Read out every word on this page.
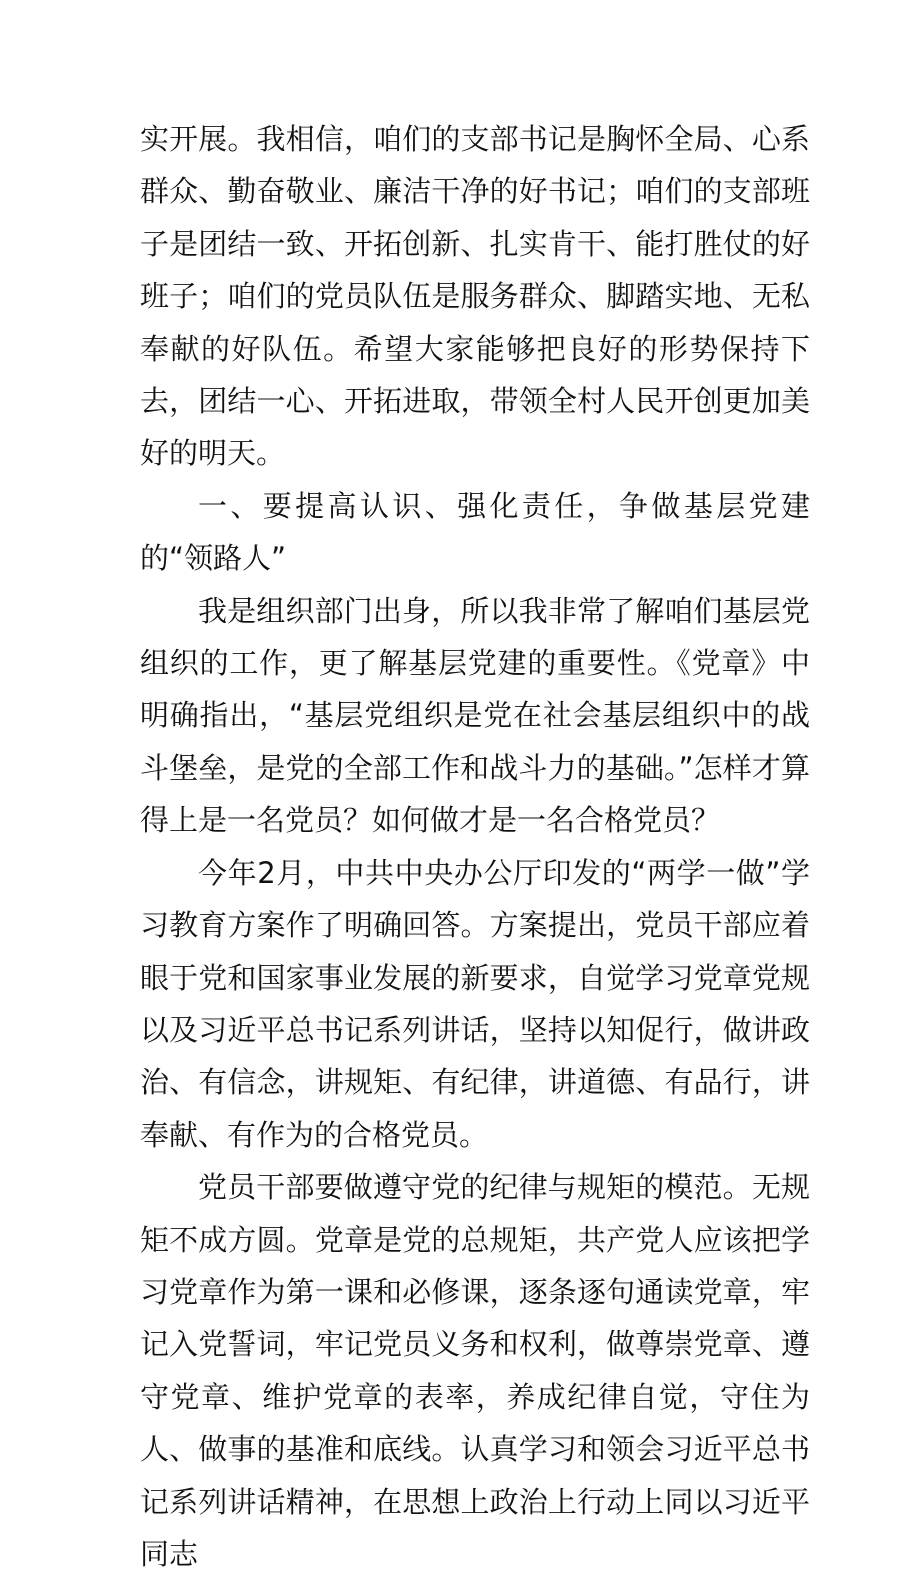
实开展。我相信，咱们的支部书记是胸怀全局、心系群众、勤奋敬业、廉洁干净的好书记；咱们的支部班子是团结一致、开拓创新、扎实肯干、能打胜仗的好班子；咱们的党员队伍是服务群众、脚踏实地、无私奉献的好队伍。希望大家能够把良好的形势保持下去，团结一心、开拓进取，带领全村人民开创更加美好的明天。

一、要提高认识、强化责任，争做基层党建的“领路人”

我是组织部门出身，所以我非常了解咱们基层党组织的工作，更了解基层党建的重要性。《党章》中明确指出，“基层党组织是党在社会基层组织中的战斗堡垒，是党的全部工作和战斗力的基础。”怎样才算得上是一名党员？如何做才是一名合格党员？

今年2月，中共中央办公厅印发的“两学一做”学习教育方案作了明确回答。方案提出，党员干部应着眼于党和国家事业发展的新要求，自觉学习党章党规以及习近平总书记系列讲话，坚持以知促行，做讲政治、有信念，讲规矩、有纪律，讲道德、有品行，讲奉献、有作为的合格党员。

党员干部要做遵守党的纪律与规矩的模范。无规矩不成方圆。党章是党的总规矩，共产党人应该把学习党章作为第一课和必修课，逐条逐句通读党章，牢记入党誓词，牢记党员义务和权利，做尊崇党章、遵守党章、维护党章的表率，养成纪律自觉，守住为人、做事的基准和底线。认真学习和领会习近平总书记系列讲话精神，在思想上政治上行动上同以习近平同志
